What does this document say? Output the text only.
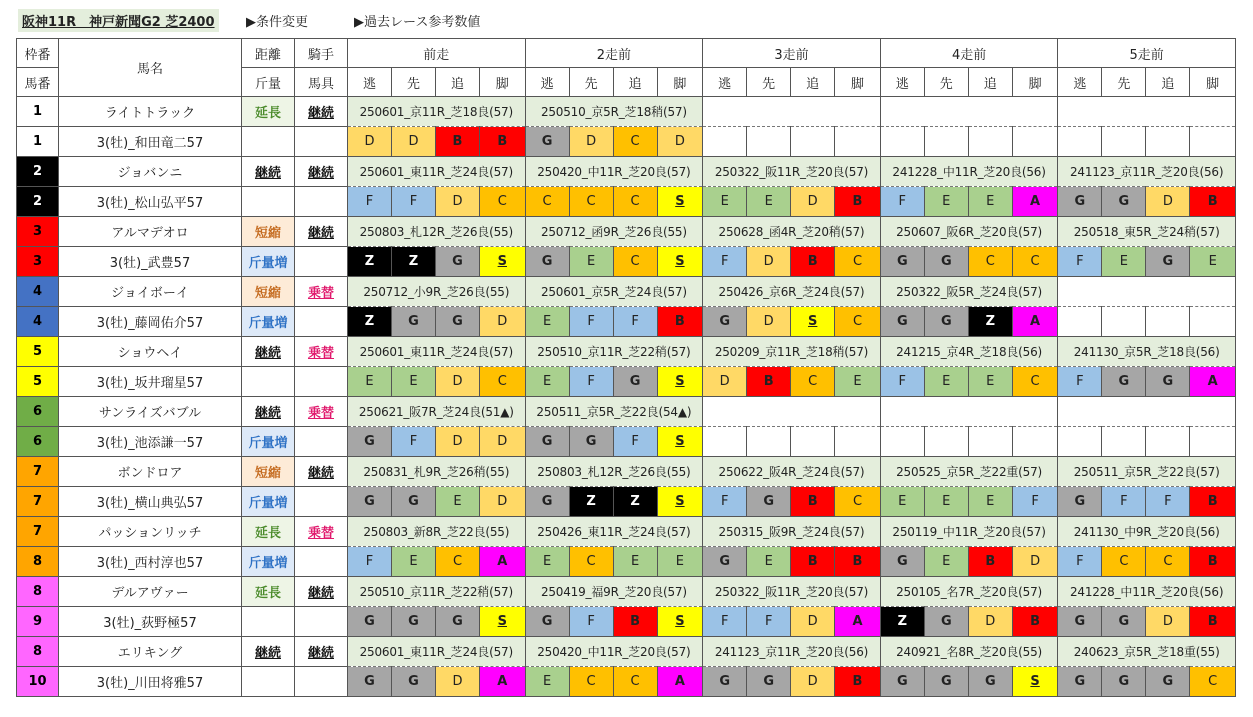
阪神11R　神戸新聞G2 芝2400	▶条件変更	▶過去レース参考数値
枠番	馬名	距離	騎手	前走				2走前				3走前				4走前				5走前			
馬番		斤量	馬具	逃	先	追	脚	逃	先	追	脚	逃	先	追	脚	逃	先	追	脚	逃	先	追	脚
1	ライトトラック	延長	継続	250601_京11R_芝18良(57)				250510_京5R_芝18稍(57)															
1	3(牡)_和田竜二57			D	D	B	B	G	D	C	D												
2	ジョバンニ	継続	継続	250601_東11R_芝24良(57)				250420_中11R_芝20良(57)				250322_阪11R_芝20良(57)				241228_中11R_芝20良(56)				241123_京11R_芝20良(56)			
2	3(牡)_松山弘平57			F	F	D	C	C	C	C	S	E	E	D	B	F	E	E	A	G	G	D	B
3	アルマデオロ	短縮	継続	250803_札12R_芝26良(55)				250712_函9R_芝26良(55)				250628_函4R_芝20稍(57)				250607_阪6R_芝20良(57)				250518_東5R_芝24稍(57)			
3	3(牡)_武豊57	斤量増		Z	Z	G	S	G	E	C	S	F	D	B	C	G	G	C	C	F	E	G	E
4	ジョイボーイ	短縮	乗替	250712_小9R_芝26良(55)				250601_京5R_芝24良(57)				250426_京6R_芝24良(57)				250322_阪5R_芝24良(57)							
4	3(牡)_藤岡佑介57	斤量増		Z	G	G	D	E	F	F	B	G	D	S	C	G	G	Z	A				
5	ショウヘイ	継続	乗替	250601_東11R_芝24良(57)				250510_京11R_芝22稍(57)				250209_京11R_芝18稍(57)				241215_京4R_芝18良(56)				241130_京5R_芝18良(56)			
5	3(牡)_坂井瑠星57			E	E	D	C	E	F	G	S	D	B	C	E	F	E	E	C	F	G	G	A
6	サンライズバブル	継続	乗替	250621_阪7R_芝24良(51▲)				250511_京5R_芝22良(54▲)															
6	3(牡)_池添謙一57	斤量増		G	F	D	D	G	G	F	S												
7	ボンドロア	短縮	継続	250831_札9R_芝26稍(55)				250803_札12R_芝26良(55)				250622_阪4R_芝24良(57)				250525_京5R_芝22重(57)				250511_京5R_芝22良(57)			
7	3(牡)_横山典弘57	斤量増		G	G	E	D	G	Z	Z	S	F	G	B	C	E	E	E	F	G	F	F	B
7	パッションリッチ	延長	乗替	250803_新8R_芝22良(55)				250426_東11R_芝24良(57)				250315_阪9R_芝24良(57)				250119_中11R_芝20良(57)				241130_中9R_芝20良(56)			
8	3(牡)_西村淳也57	斤量増		F	E	C	A	E	C	E	E	G	E	B	B	G	E	B	D	F	C	C	B
8	デルアヴァー	延長	継続	250510_京11R_芝22稍(57)				250419_福9R_芝20良(57)				250322_阪11R_芝20良(57)				250105_名7R_芝20良(57)				241228_中11R_芝20良(56)			
9	3(牡)_荻野極57			G	G	G	S	G	F	B	S	F	F	D	A	Z	G	D	B	G	G	D	B
8	エリキング	継続	継続	250601_東11R_芝24良(57)				250420_中11R_芝20良(57)				241123_京11R_芝20良(56)				240921_名8R_芝20良(55)				240623_京5R_芝18重(55)			
10	3(牡)_川田将雅57			G	G	D	A	E	C	C	A	G	G	D	B	G	G	G	S	G	G	G	C
